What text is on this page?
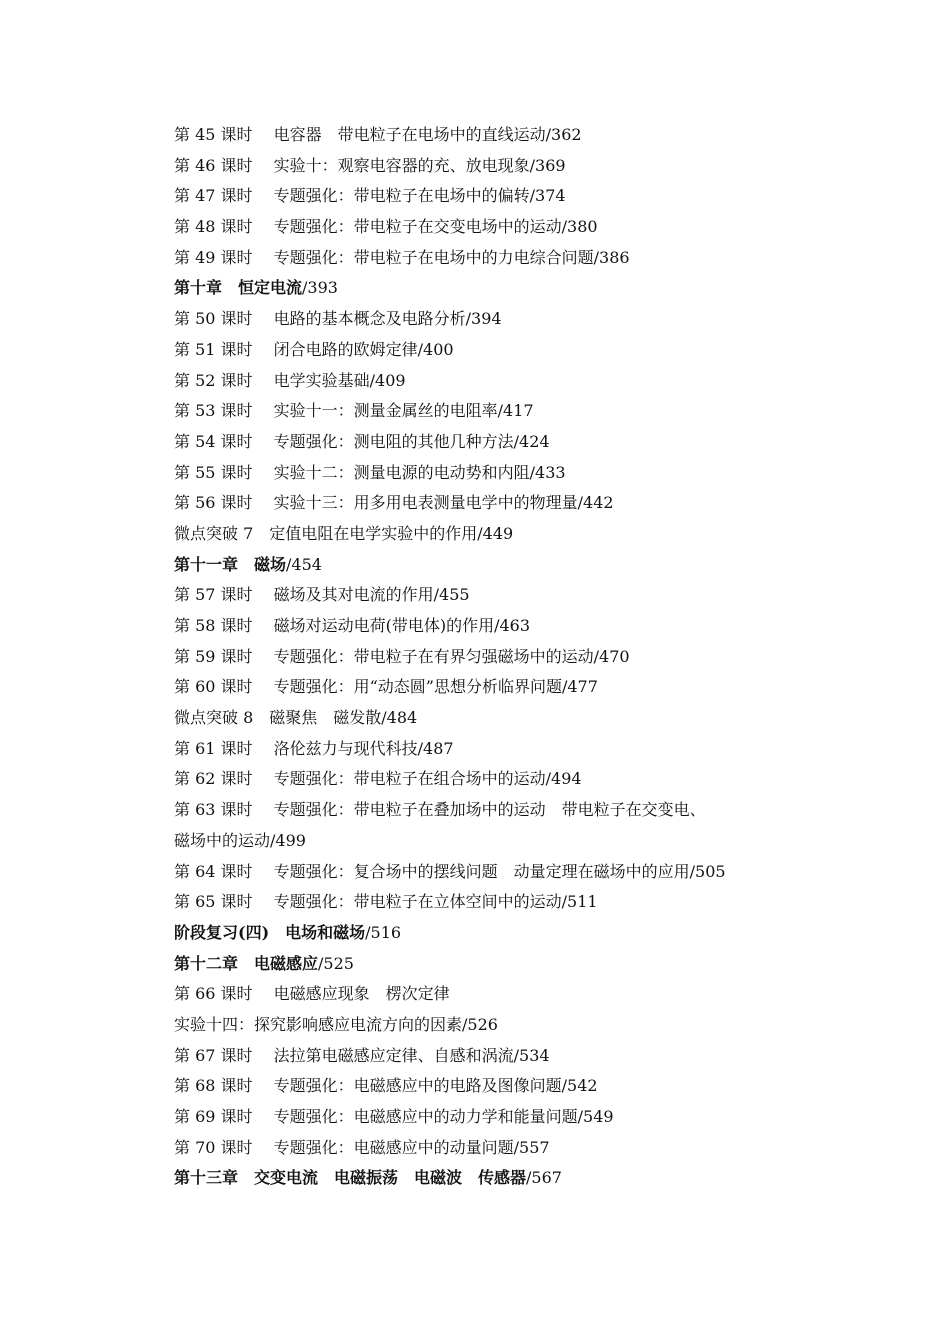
第 45 课时　 电容器　带电粒子在电场中的直线运动/362
第 46 课时　 实验十：观察电容器的充、放电现象/369
第 47 课时　 专题强化：带电粒子在电场中的偏转/374
第 48 课时　 专题强化：带电粒子在交变电场中的运动/380
第 49 课时　 专题强化：带电粒子在电场中的力电综合问题/386
第十章　恒定电流/393
第 50 课时　 电路的基本概念及电路分析/394
第 51 课时　 闭合电路的欧姆定律/400
第 52 课时　 电学实验基础/409
第 53 课时　 实验十一：测量金属丝的电阻率/417
第 54 课时　 专题强化：测电阻的其他几种方法/424
第 55 课时　 实验十二：测量电源的电动势和内阻/433
第 56 课时　 实验十三：用多用电表测量电学中的物理量/442
微点突破 7　定值电阻在电学实验中的作用/449
第十一章　磁场/454
第 57 课时　 磁场及其对电流的作用/455
第 58 课时　 磁场对运动电荷(带电体)的作用/463
第 59 课时　 专题强化：带电粒子在有界匀强磁场中的运动/470
第 60 课时　 专题强化：用“动态圆”思想分析临界问题/477
微点突破 8　磁聚焦　磁发散/484
第 61 课时　 洛伦兹力与现代科技/487
第 62 课时　 专题强化：带电粒子在组合场中的运动/494
第 63 课时　 专题强化：带电粒子在叠加场中的运动　带电粒子在交变电、
磁场中的运动/499
第 64 课时　 专题强化：复合场中的摆线问题　动量定理在磁场中的应用/505
第 65 课时　 专题强化：带电粒子在立体空间中的运动/511
阶段复习(四)　电场和磁场/516
第十二章　电磁感应/525
第 66 课时　 电磁感应现象　楞次定律
实验十四：探究影响感应电流方向的因素/526
第 67 课时　 法拉第电磁感应定律、自感和涡流/534
第 68 课时　 专题强化：电磁感应中的电路及图像问题/542
第 69 课时　 专题强化：电磁感应中的动力学和能量问题/549
第 70 课时　 专题强化：电磁感应中的动量问题/557
第十三章　交变电流　电磁振荡　电磁波　传感器/567
